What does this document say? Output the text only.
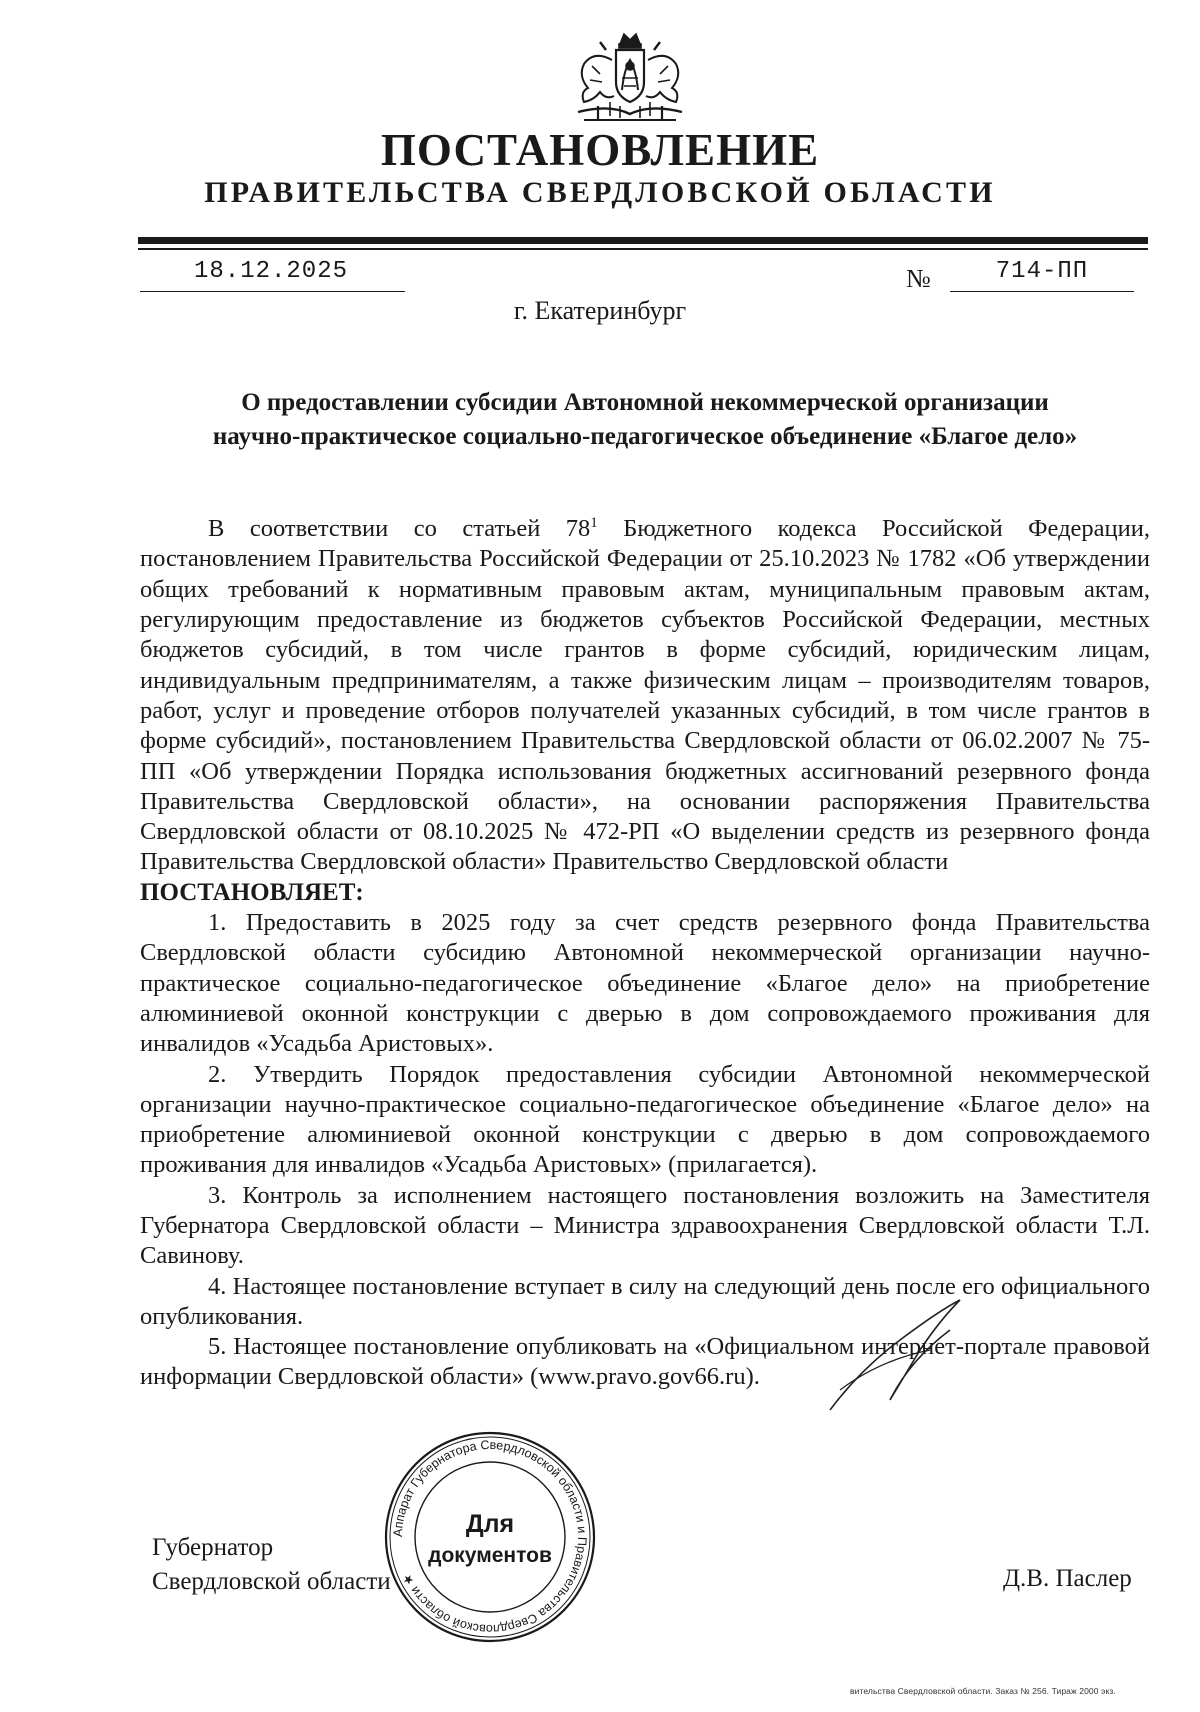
ПОСТАНОВЛЕНИЕ
ПРАВИТЕЛЬСТВА СВЕРДЛОВСКОЙ ОБЛАСТИ
18.12.2025	№	714-ПП
г. Екатеринбург
О предоставлении субсидии Автономной некоммерческой организации
научно-практическое социально-педагогическое объединение «Благое дело»

В соответствии со статьей $78^1$ Бюджетного кодекса Российской Федерации, постановлением Правительства Российской Федерации от 25.10.2023 № 1782 «Об утверждении общих требований к нормативным правовым актам, муниципальным правовым актам, регулирующим предоставление из бюджетов субъектов Российской Федерации, местных бюджетов субсидий, в том числе грантов в форме субсидий, юридическим лицам, индивидуальным предпринимателям, а также физическим лицам – производителям товаров, работ, услуг и проведение отборов получателей указанных субсидий, в том числе грантов в форме субсидий», постановлением Правительства Свердловской области от 06.02.2007 № 75-ПП «Об утверждении Порядка использования бюджетных ассигнований резервного фонда Правительства Свердловской области», на основании распоряжения Правительства Свердловской области от 08.10.2025 № 472-РП «О выделении средств из резервного фонда Правительства Свердловской области» Правительство Свердловской области

ПОСТАНОВЛЯЕТ:

1. Предоставить в 2025 году за счет средств резервного фонда Правительства Свердловской области субсидию Автономной некоммерческой организации научно-практическое социально-педагогическое объединение «Благое дело» на приобретение алюминиевой оконной конструкции с дверью в дом сопровождаемого проживания для инвалидов «Усадьба Аристовых».

2. Утвердить Порядок предоставления субсидии Автономной некоммерческой организации научно-практическое социально-педагогическое объединение «Благое дело» на приобретение алюминиевой оконной конструкции с дверью в дом сопровождаемого проживания для инвалидов «Усадьба Аристовых» (прилагается).

3. Контроль за исполнением настоящего постановления возложить на Заместителя Губернатора Свердловской области – Министра здравоохранения Свердловской области Т.Л. Савинову.

4. Настоящее постановление вступает в силу на следующий день после его официального опубликования.

5. Настоящее постановление опубликовать на «Официальном интернет-портале правовой информации Свердловской области» (www.pravo.gov66.ru).

Губернатор
Свердловской области	Д.В. Паслер
Аппарат Губернатора Свердловской области и Правительства Свердловской области ★
Для
документов
вительства Свердловской области. Заказ № 256. Тираж 2000 экз.
